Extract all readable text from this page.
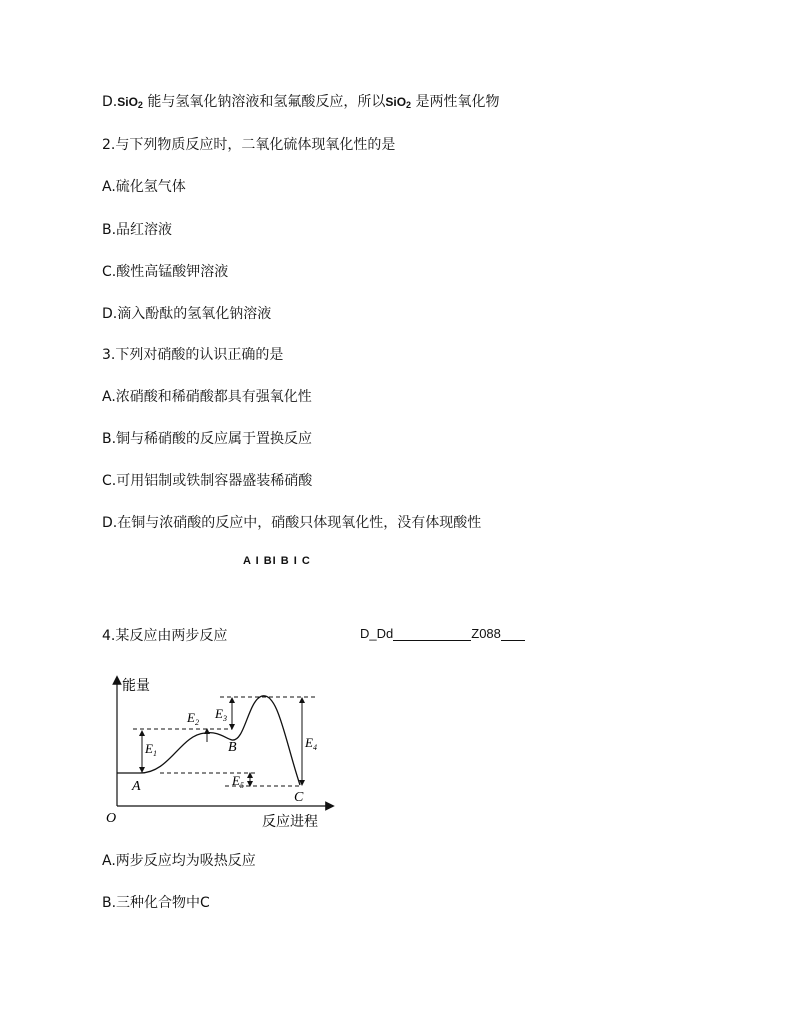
D.SiO$_2$ 能与氢氧化钠溶液和氢氟酸反应，所以SiO$_2$ 是两性氧化物
2.与下列物质反应时，二氧化硫体现氧化性的是
A.硫化氢气体
B.品红溶液
C.酸性高锰酸钾溶液
D.滴入酚酞的氢氧化钠溶液
3.下列对硝酸的认识正确的是
A.浓硝酸和稀硝酸都具有强氧化性
B.铜与稀硝酸的反应属于置换反应
C.可用铝制或铁制容器盛装稀硝酸
D.在铜与浓硝酸的反应中，硝酸只体现氧化性，没有体现酸性
A I BI B I C
4.某反应由两步反应	D_Dd	Z088
能量
反应进程
O
$E_1$
$E_2$
$E_3$
$E_4$
$E_5$
A
B
C
A.两步反应均为吸热反应
B.三种化合物中C
